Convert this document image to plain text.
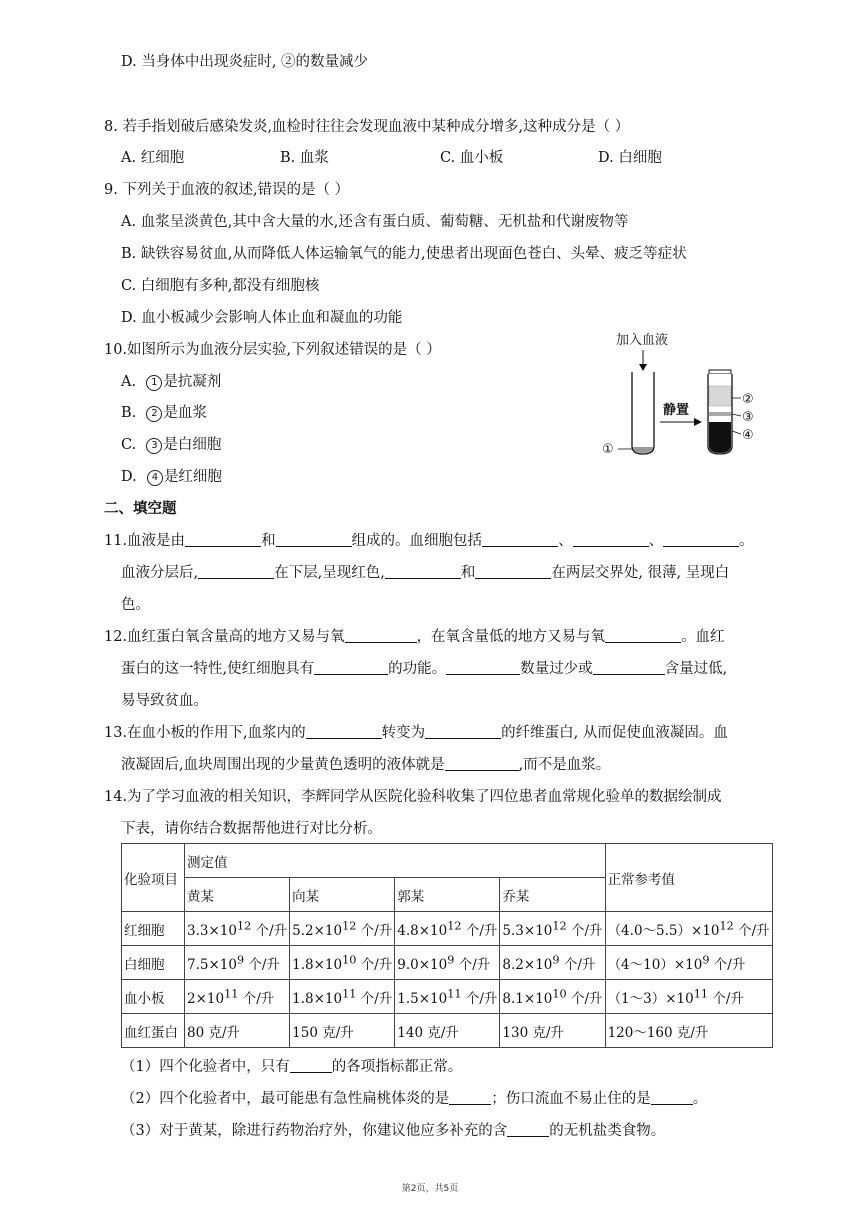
D. 当身体中出现炎症时, ②的数量减少
8. 若手指划破后感染发炎,血检时往往会发现血液中某种成分增多,这种成分是（ ）
A. 红细胞	B. 血浆	C. 血小板	D. 白细胞
9. 下列关于血液的叙述,错误的是（ ）
A. 血浆呈淡黄色,其中含大量的水,还含有蛋白质、葡萄糖、无机盐和代谢废物等
B. 缺铁容易贫血,从而降低人体运输氧气的能力,使患者出现面色苍白、头晕、疲乏等症状
C. 白细胞有多种,都没有细胞核
D. 血小板减少会影响人体止血和凝血的功能
10.如图所示为血液分层实验,下列叙述错误的是（ ）
A. 1 是抗凝剂
B. 2 是血浆
C. 3 是白细胞
D. 4 是红细胞
加入血液
①
静置
②
③
④
二、填空题
11.血液是由	和	组成的。血细胞包括	、	、	。
血液分层后,	在下层,呈现红色,	和	在两层交界处, 很薄, 呈现白
色。
12.血红蛋白氧含量高的地方又易与氧	，在氧含量低的地方又易与氧	。血红
蛋白的这一特性,使红细胞具有	的功能。	数量过少或	含量过低,
易导致贫血。
13.在血小板的作用下,血浆内的	转变为	的纤维蛋白, 从而促使血液凝固。血
液凝固后,血块周围出现的少量黄色透明的液体就是	,而不是血浆。
14.为了学习血液的相关知识，李辉同学从医院化验科收集了四位患者血常规化验单的数据绘制成
下表，请你结合数据帮他进行对比分析。
化验项目	测定值				正常参考值
	黄某	向某	郭某	乔某	
红细胞	$3.3\times 10^{12}$ 个/升	$5.2\times 10^{12}$ 个/升	$4.8\times 10^{12}$ 个/升	$5.3\times 10^{12}$ 个/升	$(4.0\sim 5.5)\times 10^{12}$ 个/升
白细胞	$7.5\times 10^9$ 个/升	$1.8\times 10^{10}$ 个/升	$9.0\times 10^9$ 个/升	$8.2\times 10^9$ 个/升	$(4\sim 10)\times 10^9$ 个/升
血小板	$2\times 10^{11}$ 个/升	$1.8\times 10^{11}$ 个/升	$1.5\times 10^{11}$ 个/升	$8.1\times 10^{10}$ 个/升	$(1\sim 3)\times 10^{11}$ 个/升
血红蛋白	80 克/升	150 克/升	140 克/升	130 克/升	120～160 克/升
（1）四个化验者中，只有	的各项指标都正常。
（2）四个化验者中，最可能患有急性扁桃体炎的是	；伤口流血不易止住的是	。
（3）对于黄某，除进行药物治疗外，你建议他应多补充的含	的无机盐类食物。
第2页，共5页
